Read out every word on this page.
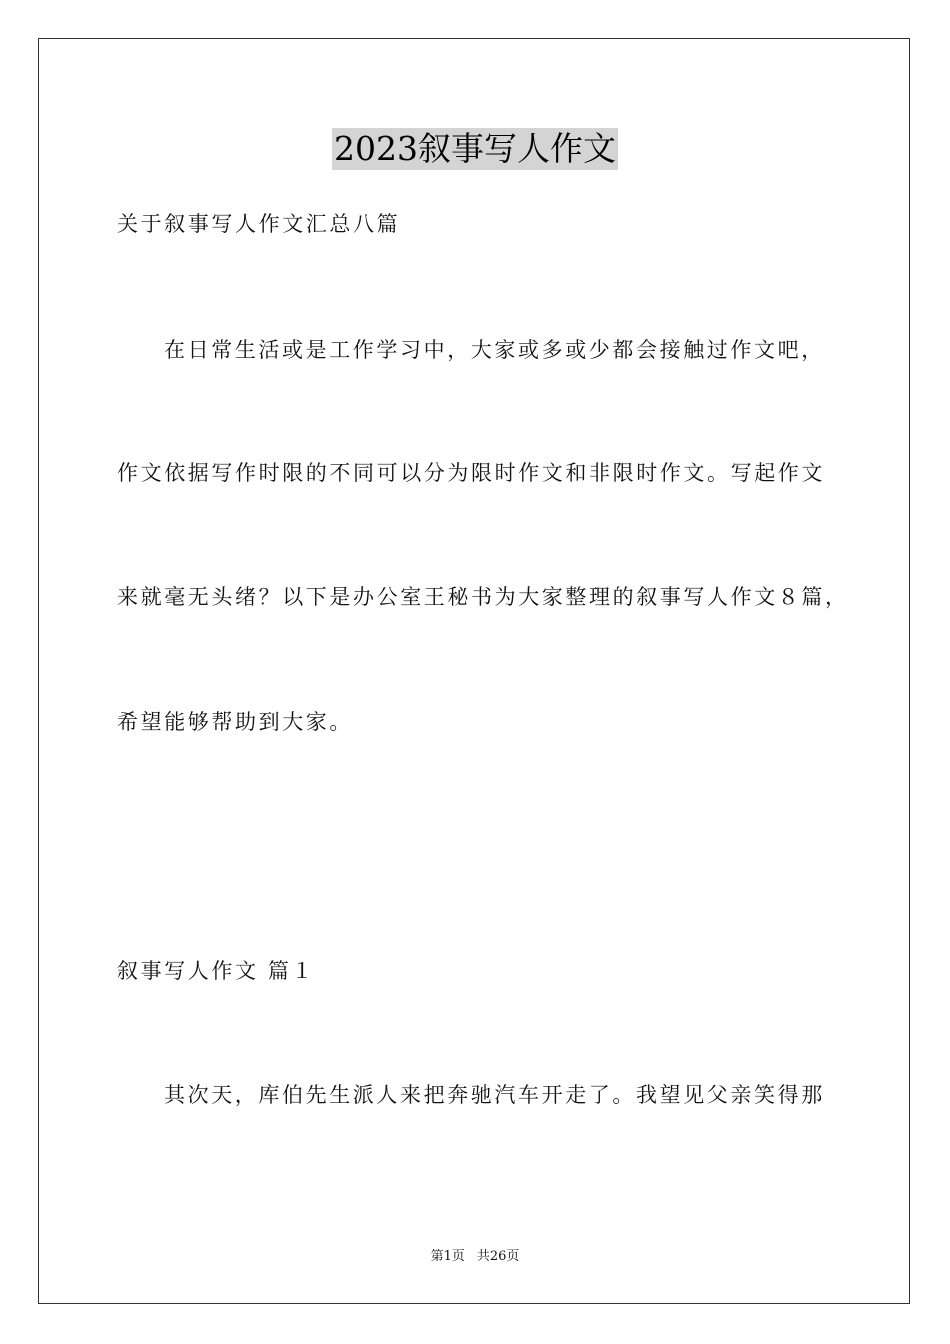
2023叙事写人作文
关于叙事写人作文汇总八篇
在日常生活或是工作学习中，大家或多或少都会接触过作文吧，
作文依据写作时限的不同可以分为限时作文和非限时作文。写起作文
来就毫无头绪？以下是办公室王秘书为大家整理的叙事写人作文８篇，
希望能够帮助到大家。
叙事写人作文 篇１
其次天，库伯先生派人来把奔驰汽车开走了。我望见父亲笑得那
第1页 共26页
